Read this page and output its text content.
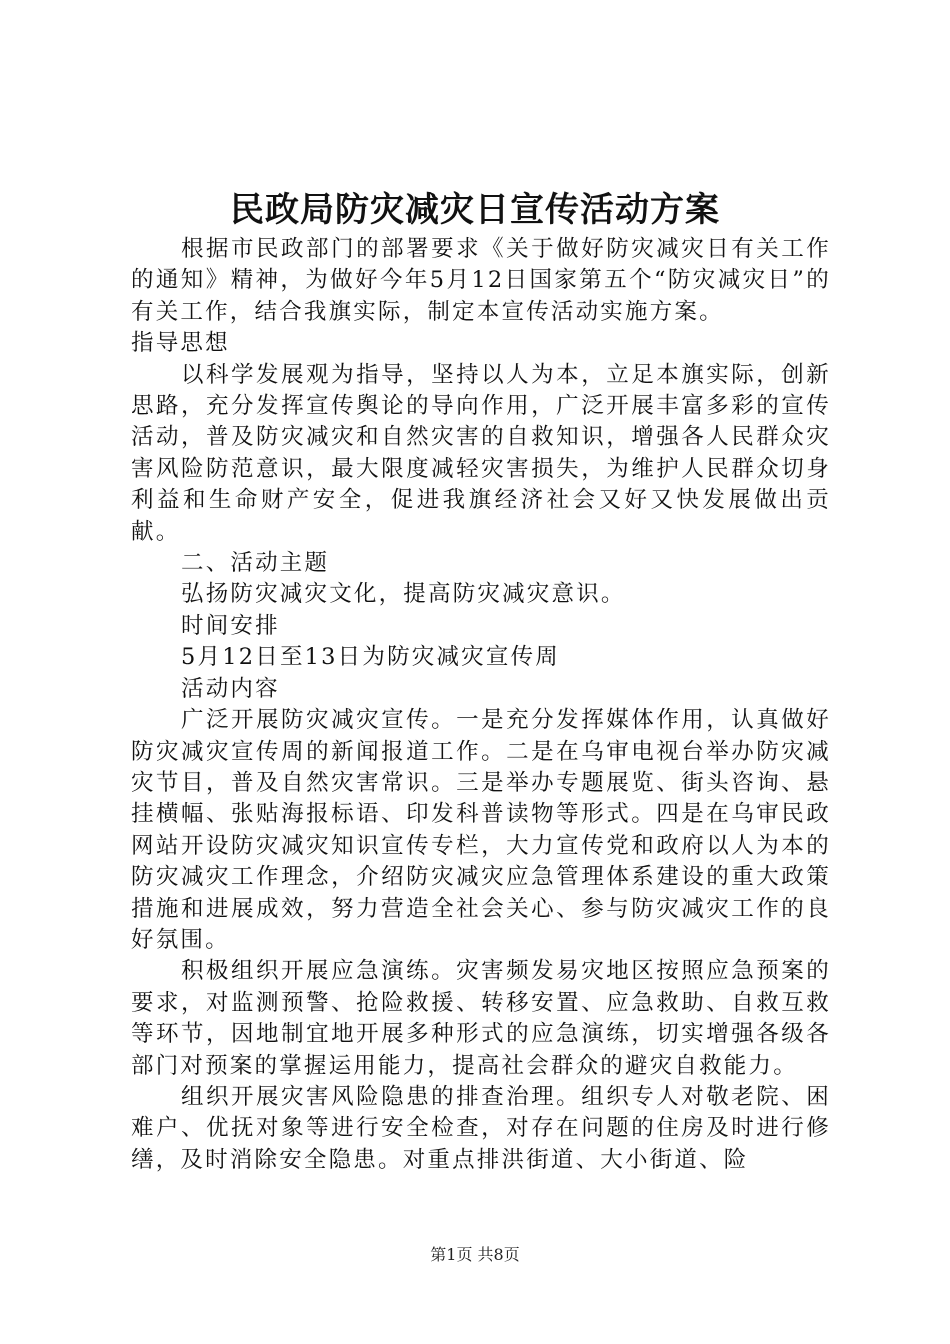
民政局防灾减灾日宣传活动方案

根据市民政部门的部署要求《关于做好防灾减灾日有关工作的通知》精神，为做好今年5月12日国家第五个“防灾减灾日”的有关工作，结合我旗实际，制定本宣传活动实施方案。

指导思想

以科学发展观为指导，坚持以人为本，立足本旗实际，创新思路，充分发挥宣传舆论的导向作用，广泛开展丰富多彩的宣传活动，普及防灾减灾和自然灾害的自救知识，增强各人民群众灾害风险防范意识，最大限度减轻灾害损失，为维护人民群众切身利益和生命财产安全，促进我旗经济社会又好又快发展做出贡献。

二、活动主题

弘扬防灾减灾文化，提高防灾减灾意识。

时间安排

5月12日至13日为防灾减灾宣传周

活动内容

广泛开展防灾减灾宣传。一是充分发挥媒体作用，认真做好防灾减灾宣传周的新闻报道工作。二是在乌审电视台举办防灾减灾节目，普及自然灾害常识。三是举办专题展览、街头咨询、悬挂横幅、张贴海报标语、印发科普读物等形式。四是在乌审民政网站开设防灾减灾知识宣传专栏，大力宣传党和政府以人为本的防灾减灾工作理念，介绍防灾减灾应急管理体系建设的重大政策措施和进展成效，努力营造全社会关心、参与防灾减灾工作的良好氛围。

积极组织开展应急演练。灾害频发易灾地区按照应急预案的要求，对监测预警、抢险救援、转移安置、应急救助、自救互救等环节，因地制宜地开展多种形式的应急演练，切实增强各级各部门对预案的掌握运用能力，提高社会群众的避灾自救能力。

组织开展灾害风险隐患的排查治理。组织专人对敬老院、困难户、优抚对象等进行安全检查，对存在问题的住房及时进行修缮，及时消除安全隐患。对重点排洪街道、大小街道、险

第1页 共8页
